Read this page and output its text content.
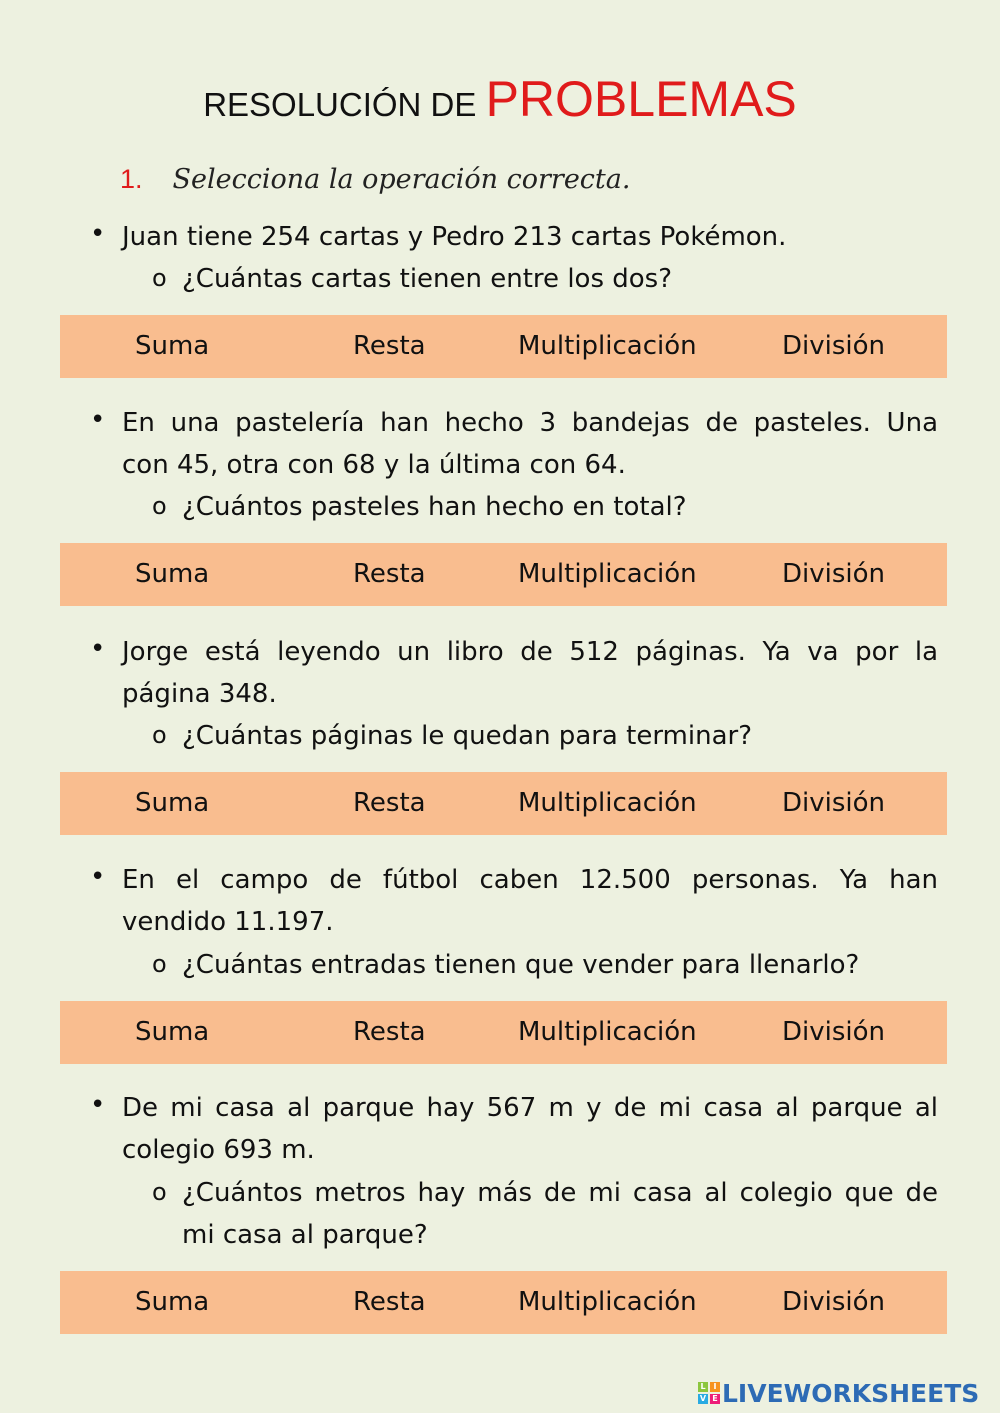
RESOLUCIÓN DE PROBLEMAS
1. Selecciona la operación correcta.
• Juan tiene 254 cartas y Pedro 213 cartas Pokémon.
o ¿Cuántas cartas tienen entre los dos?
Suma	Resta	Multiplicación	División
• En una pastelería han hecho 3 bandejas de pasteles. Una
con 45, otra con 68 y la última con 64.
o ¿Cuántos pasteles han hecho en total?
Suma	Resta	Multiplicación	División
• Jorge está leyendo un libro de 512 páginas. Ya va por la
página 348.
o ¿Cuántas páginas le quedan para terminar?
Suma	Resta	Multiplicación	División
• En el campo de fútbol caben 12.500 personas. Ya han
vendido 11.197.
o ¿Cuántas entradas tienen que vender para llenarlo?
Suma	Resta	Multiplicación	División
• De mi casa al parque hay 567 m y de mi casa al parque al
colegio 693 m.
o ¿Cuántos metros hay más de mi casa al colegio que de
mi casa al parque?
Suma	Resta	Multiplicación	División
L I
V E LIVEWORKSHEETS
